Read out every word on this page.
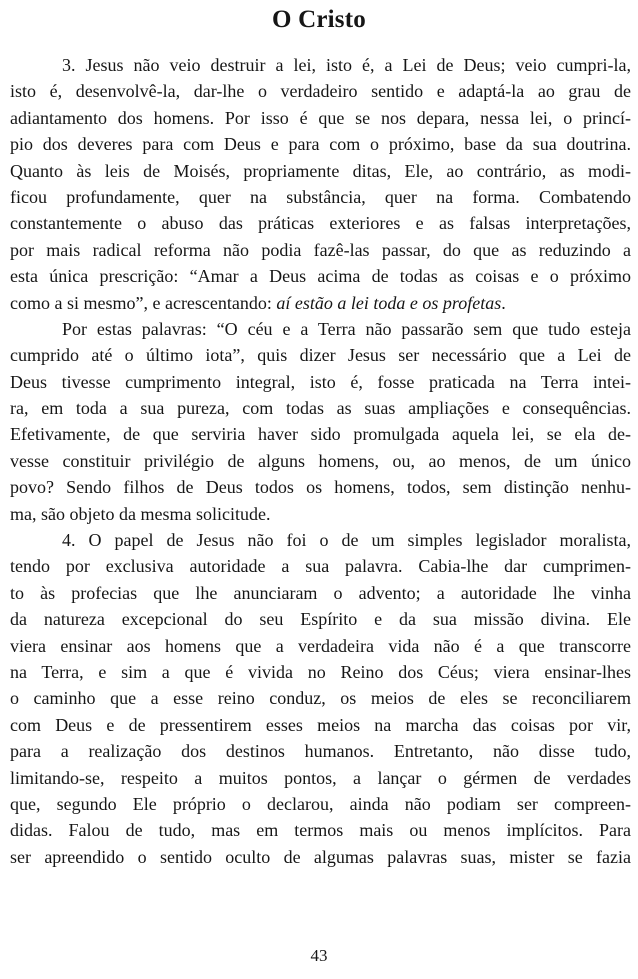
O Cristo
3. Jesus não veio destruir a lei, isto é, a Lei de Deus; veio cumpri-la,
isto é, desenvolvê-la, dar-lhe o verdadeiro sentido e adaptá-la ao grau de
adiantamento dos homens. Por isso é que se nos depara, nessa lei, o princí-
pio dos deveres para com Deus e para com o próximo, base da sua doutrina.
Quanto às leis de Moisés, propriamente ditas, Ele, ao contrário, as modi-
ficou profundamente, quer na substância, quer na forma. Combatendo
constantemente o abuso das práticas exteriores e as falsas interpretações,
por mais radical reforma não podia fazê-las passar, do que as reduzindo a
esta única prescrição: “Amar a Deus acima de todas as coisas e o próximo
como a si mesmo”, e acrescentando: aí estão a lei toda e os profetas.
Por estas palavras: “O céu e a Terra não passarão sem que tudo esteja
cumprido até o último iota”, quis dizer Jesus ser necessário que a Lei de
Deus tivesse cumprimento integral, isto é, fosse praticada na Terra intei-
ra, em toda a sua pureza, com todas as suas ampliações e consequências.
Efetivamente, de que serviria haver sido promulgada aquela lei, se ela de-
vesse constituir privilégio de alguns homens, ou, ao menos, de um único
povo? Sendo filhos de Deus todos os homens, todos, sem distinção nenhu-
ma, são objeto da mesma solicitude.
4. O papel de Jesus não foi o de um simples legislador moralista,
tendo por exclusiva autoridade a sua palavra. Cabia-lhe dar cumprimen-
to às profecias que lhe anunciaram o advento; a autoridade lhe vinha
da natureza excepcional do seu Espírito e da sua missão divina. Ele
viera ensinar aos homens que a verdadeira vida não é a que transcorre
na Terra, e sim a que é vivida no Reino dos Céus; viera ensinar-lhes
o caminho que a esse reino conduz, os meios de eles se reconciliarem
com Deus e de pressentirem esses meios na marcha das coisas por vir,
para a realização dos destinos humanos. Entretanto, não disse tudo,
limitando-se, respeito a muitos pontos, a lançar o gérmen de verdades
que, segundo Ele próprio o declarou, ainda não podiam ser compreen-
didas. Falou de tudo, mas em termos mais ou menos implícitos. Para
ser apreendido o sentido oculto de algumas palavras suas, mister se fazia
43
